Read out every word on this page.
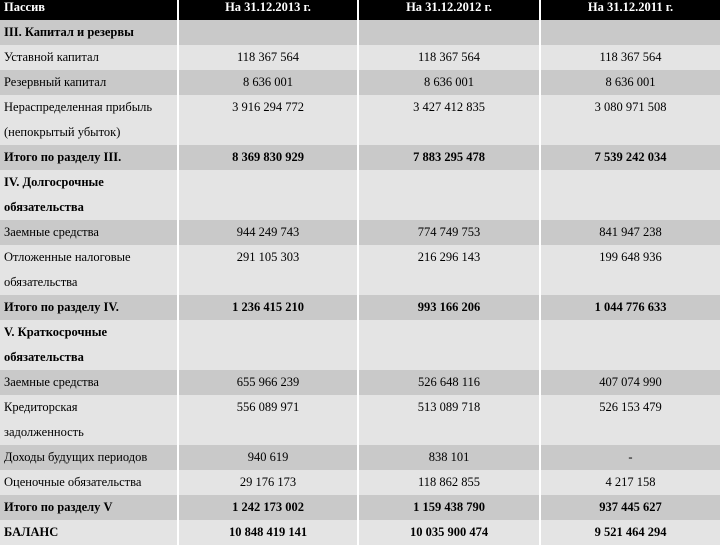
Пассив	На 31.12.2013 г.	На 31.12.2012 г.	На 31.12.2011 г.
III. Капитал и резервы			
Уставной капитал	118 367 564	118 367 564	118 367 564
Резервный капитал	8 636 001	8 636 001	8 636 001
Нераспределенная прибыль	3 916 294 772	3 427 412 835	3 080 971 508
(непокрытый убыток)			
Итого по разделу III.	8 369 830 929	7 883 295 478	7 539 242 034
IV. Долгосрочные			
обязательства			
Заемные средства	944 249 743	774 749 753	841 947 238
Отложенные налоговые	291 105 303	216 296 143	199 648 936
обязательства			
Итого по разделу IV.	1 236 415 210	993 166 206	1 044 776 633
V. Краткосрочные			
обязательства			
Заемные средства	655 966 239	526 648 116	407 074 990
Кредиторская	556 089 971	513 089 718	526 153 479
задолженность			
Доходы будущих периодов	940 619	838 101	-
Оценочные обязательства	29 176 173	118 862 855	4 217 158
Итого по разделу V	1 242 173 002	1 159 438 790	937 445 627
БАЛАНС	10 848 419 141	10 035 900 474	9 521 464 294
